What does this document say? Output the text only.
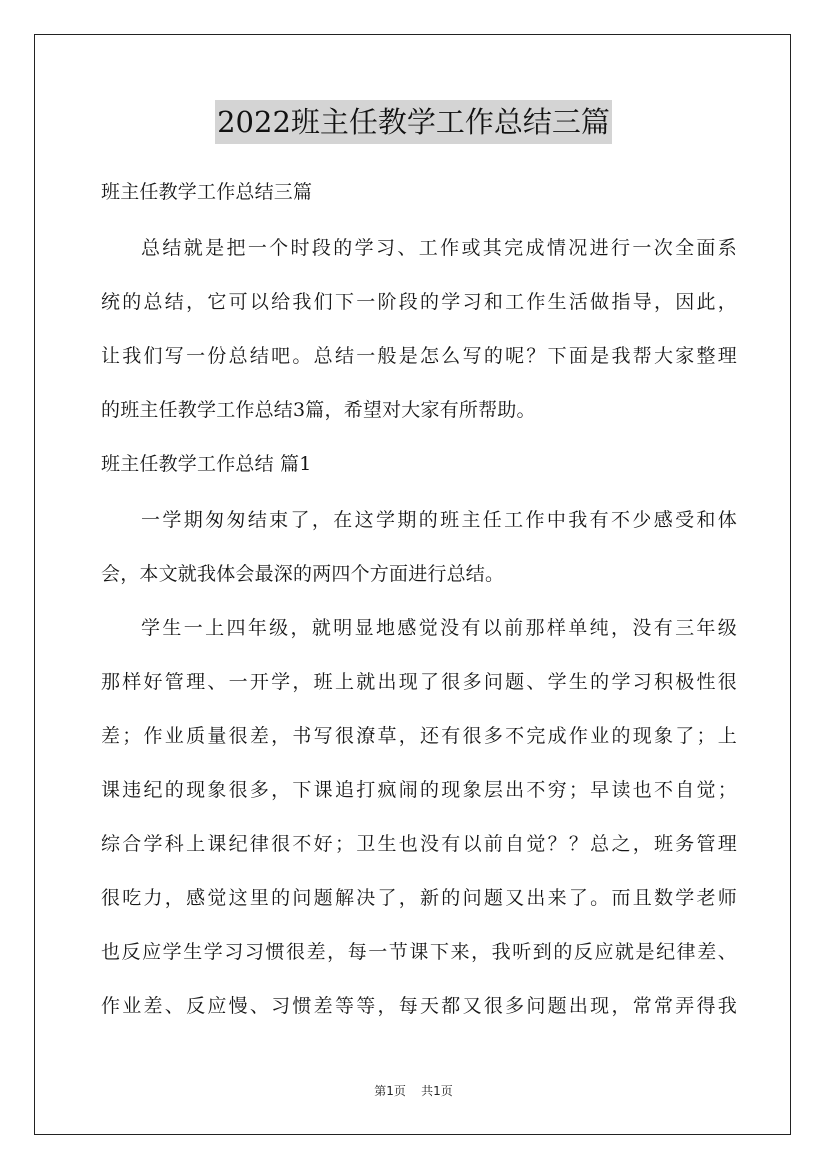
2022班主任教学工作总结三篇
班主任教学工作总结三篇
总结就是把一个时段的学习、工作或其完成情况进行一次全面系
统的总结，它可以给我们下一阶段的学习和工作生活做指导，因此，
让我们写一份总结吧。总结一般是怎么写的呢？下面是我帮大家整理
的班主任教学工作总结3篇，希望对大家有所帮助。
班主任教学工作总结 篇1
一学期匆匆结束了，在这学期的班主任工作中我有不少感受和体
会，本文就我体会最深的两四个方面进行总结。
学生一上四年级，就明显地感觉没有以前那样单纯，没有三年级
那样好管理、一开学，班上就出现了很多问题、学生的学习积极性很
差；作业质量很差，书写很潦草，还有很多不完成作业的现象了；上
课违纪的现象很多，下课追打疯闹的现象层出不穷；早读也不自觉；
综合学科上课纪律很不好；卫生也没有以前自觉？？总之，班务管理
很吃力，感觉这里的问题解决了，新的问题又出来了。而且数学老师
也反应学生学习习惯很差，每一节课下来，我听到的反应就是纪律差、
作业差、反应慢、习惯差等等，每天都又很多问题出现，常常弄得我
第1页 共1页
